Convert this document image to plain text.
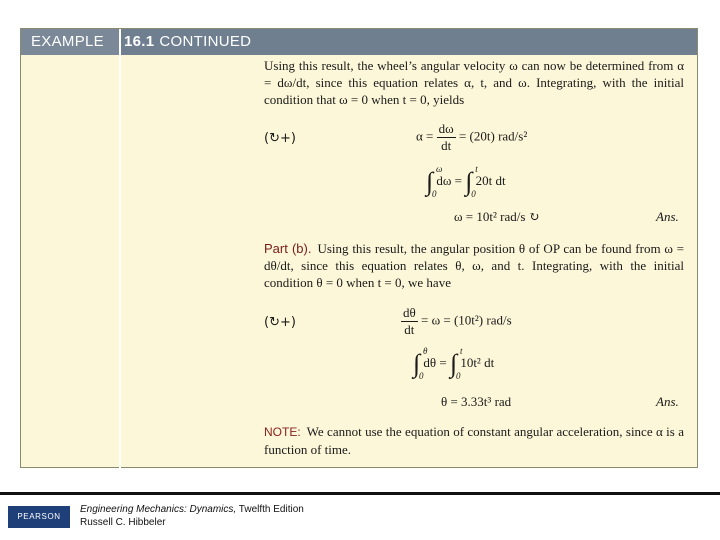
EXAMPLE	16.1 CONTINUED
Using this result, the wheel’s angular velocity ω can now be determined from α = dω/dt, since this equation relates α, t, and ω. Integrating, with the initial condition that ω = 0 when t = 0, yields
(↻+)	$\alpha = \frac{d\omega}{dt} = (20t)$ rad/s²
∫ ω
0
dω = ∫ t
0
20t dt
ω = 10t² rad/s ↻	Ans.
Part (b). Using this result, the angular position θ of OP can be found from ω = dθ/dt, since this equation relates θ, ω, and t. Integrating, with the initial condition θ = 0 when t = 0, we have
(↻+)	$\frac{d\theta}{dt} = \omega = (10t^2)$ rad/s
∫ θ
0
dθ = ∫ t
0
10t² dt
θ = 3.33t³ rad	Ans.
NOTE: We cannot use the equation of constant angular acceleration, since α is a function of time.
PEARSON
Engineering Mechanics: Dynamics, Twelfth Edition
Russell C. Hibbeler
